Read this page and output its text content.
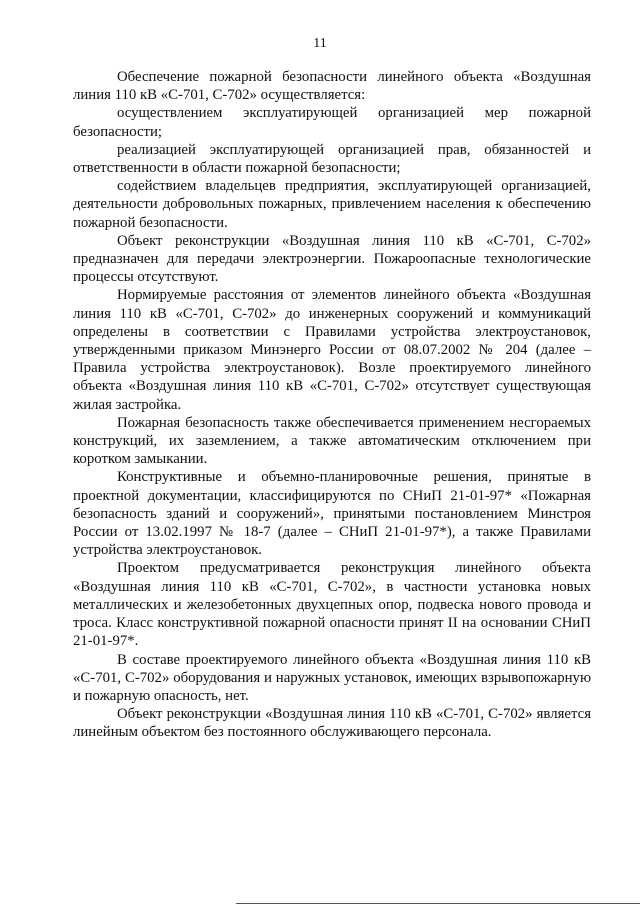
11

Обеспечение пожарной безопасности линейного объекта «Воздушная линия 110 кВ «С-701, С-702» осуществляется:

осуществлением эксплуатирующей организацией мер пожарной безопасности;

реализацией эксплуатирующей организацией прав, обязанностей и ответственности в области пожарной безопасности;

содействием владельцев предприятия, эксплуатирующей организацией, деятельности добровольных пожарных, привлечением населения к обеспечению пожарной безопасности.

Объект реконструкции «Воздушная линия 110 кВ «С-701, С-702» предназначен для передачи электроэнергии. Пожароопасные технологические процессы отсутствуют.

Нормируемые расстояния от элементов линейного объекта «Воздушная линия 110 кВ «С-701, С-702» до инженерных сооружений и коммуникаций определены в соответствии с Правилами устройства электроустановок, утвержденными приказом Минэнерго России от 08.07.2002 № 204 (далее – Правила устройства электроустановок). Возле проектируемого линейного объекта «Воздушная линия 110 кВ «С-701, С-702» отсутствует существующая жилая застройка.

Пожарная безопасность также обеспечивается применением несгораемых конструкций, их заземлением, а также автоматическим отключением при коротком замыкании.

Конструктивные и объемно-планировочные решения, принятые в проектной документации, классифицируются по СНиП 21-01-97* «Пожарная безопасность зданий и сооружений», принятыми постановлением Минстроя России от 13.02.1997 № 18-7 (далее – СНиП 21-01-97*), а также Правилами устройства электроустановок.

Проектом предусматривается реконструкция линейного объекта «Воздушная линия 110 кВ «С-701, С-702», в частности установка новых металлических и железобетонных двухцепных опор, подвеска нового провода и троса. Класс конструктивной пожарной опасности принят II на основании СНиП 21-01-97*.

В составе проектируемого линейного объекта «Воздушная линия 110 кВ «С-701, С-702» оборудования и наружных установок, имеющих взрывопожарную и пожарную опасность, нет.

Объект реконструкции «Воздушная линия 110 кВ «С-701, С-702» является линейным объектом без постоянного обслуживающего персонала.
